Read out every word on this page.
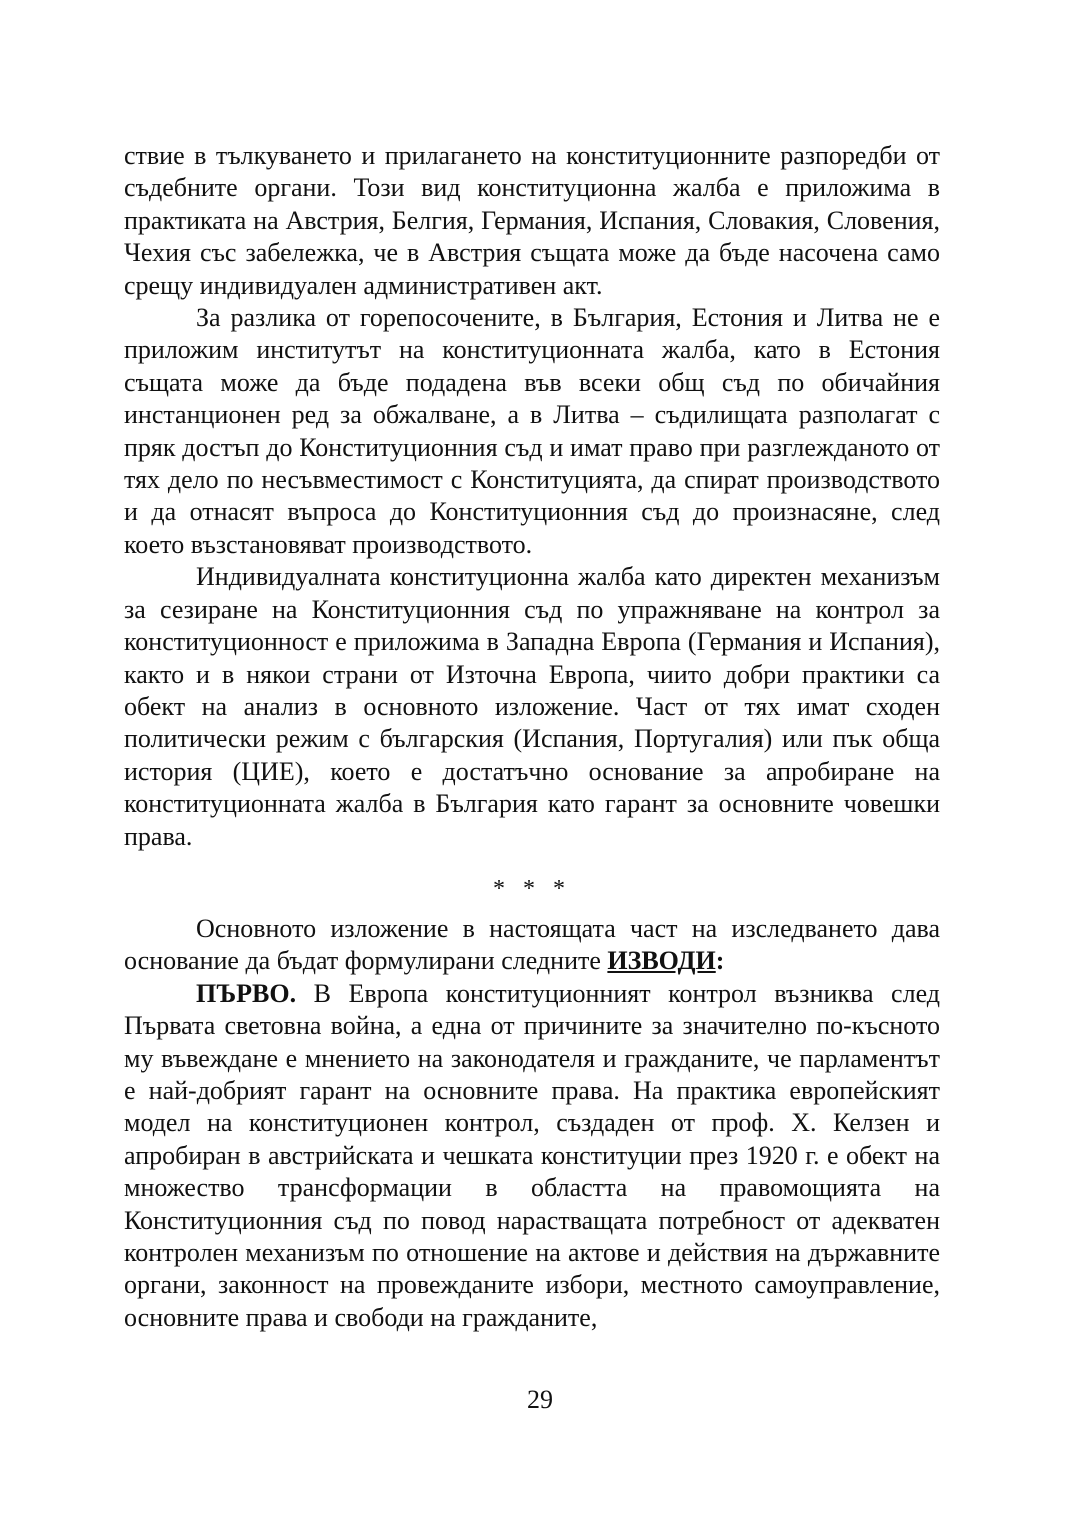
ствие в тълкуването и прилагането на конституционните разпоредби от съдебните органи. Този вид конституционна жалба е приложима в практиката на Австрия, Белгия, Германия, Испания, Словакия, Словения, Чехия със забележка, че в Австрия същата може да бъде насочена само срещу индивидуален административен акт.

За разлика от горепосочените, в България, Естония и Литва не е приложим институтът на конституционната жалба, като в Естония същата може да бъде подадена във всеки общ съд по обичайния инстанционен ред за обжалване, а в Литва – съдилищата разполагат с пряк достъп до Конституционния съд и имат право при разглежданото от тях дело по несъвместимост с Конституцията, да спират производството и да отнасят въпроса до Конституционния съд до произнасяне, след което възстановяват производството.

Индивидуалната конституционна жалба като директен механизъм за сезиране на Конституционния съд по упражняване на контрол за конституционност е приложима в Западна Европа (Германия и Испания), както и в някои страни от Източна Европа, чиито добри практики са обект на анализ в основното изложение. Част от тях имат сходен политически режим с българския (Испания, Португалия) или пък обща история (ЦИЕ), което е достатъчно основание за апробиране на конституционната жалба в България като гарант за основните човешки права.

* * *

Основното изложение в настоящата част на изследването дава основание да бъдат формулирани следните ИЗВОДИ:

ПЪРВО. В Европа конституционният контрол възниква след Първата световна война, а една от причините за значително по-късното му въвеждане е мнението на законодателя и гражданите, че парламентът е най-добрият гарант на основните права. На практика европейският модел на конституционен контрол, създаден от проф. Х. Келзен и апробиран в австрийската и чешката конституции през 1920 г. е обект на множество трансформации в областта на правомощията на Конституционния съд по повод нарастващата потребност от адекватен контролен механизъм по отношение на актове и действия на държавните органи, законност на провежданите избори, местното самоуправление, основните права и свободи на гражданите,

29
